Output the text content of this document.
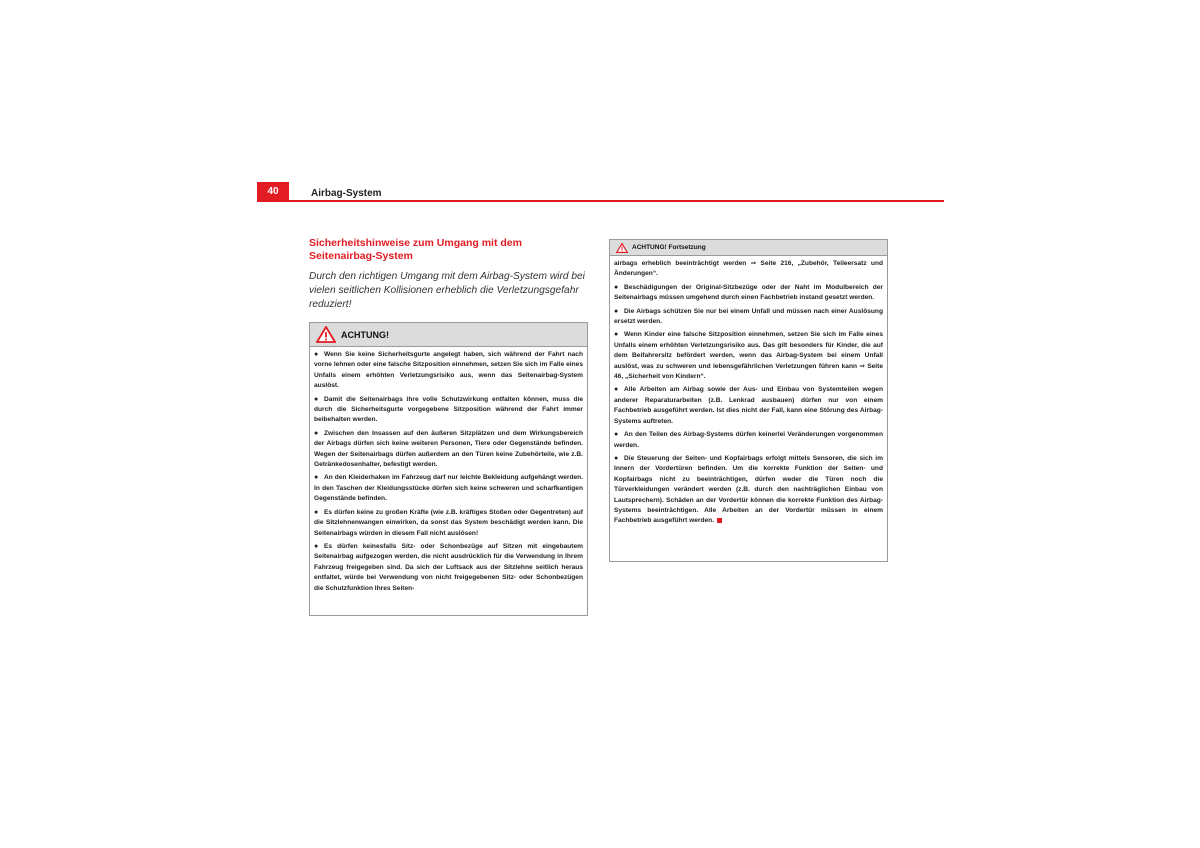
40	Airbag-System
Sicherheitshinweise zum Umgang mit dem Seitenairbag-System
Durch den richtigen Umgang mit dem Airbag-System wird bei vielen seitlichen Kollisionen erheblich die Verletzungsgefahr reduziert!
ACHTUNG!
● Wenn Sie keine Sicherheitsgurte angelegt haben, sich während der Fahrt nach vorne lehnen oder eine falsche Sitzposition einnehmen, setzen Sie sich im Falle eines Unfalls einem erhöhten Verletzungsrisiko aus, wenn das Seitenairbag-System auslöst.
● Damit die Seitenairbags ihre volle Schutzwirkung entfalten können, muss die durch die Sicherheitsgurte vorgegebene Sitzposition während der Fahrt immer beibehalten werden.
● Zwischen den Insassen auf den äußeren Sitzplätzen und dem Wirkungsbereich der Airbags dürfen sich keine weiteren Personen, Tiere oder Gegenstände befinden. Wegen der Seitenairbags dürfen außerdem an den Türen keine Zubehörteile, wie z.B. Getränkedosenhalter, befestigt werden.
● An den Kleiderhaken im Fahrzeug darf nur leichte Bekleidung aufgehängt werden. In den Taschen der Kleidungsstücke dürfen sich keine schweren und scharfkantigen Gegenstände befinden.
● Es dürfen keine zu großen Kräfte (wie z.B. kräftiges Stoßen oder Gegentreten) auf die Sitzlehnenwangen einwirken, da sonst das System beschädigt werden kann. Die Seitenairbags würden in diesem Fall nicht auslösen!
● Es dürfen keinesfalls Sitz- oder Schonbezüge auf Sitzen mit eingebautem Seitenairbag aufgezogen werden, die nicht ausdrücklich für die Verwendung in Ihrem Fahrzeug freigegeben sind. Da sich der Luftsack aus der Sitzlehne seitlich heraus entfaltet, würde bei Verwendung von nicht freigegebenen Sitz- oder Schonbezügen die Schutzfunktion Ihres Seiten-
ACHTUNG! Fortsetzung
airbags erheblich beeinträchtigt werden ⇒ Seite 216, „Zubehör, Teileersatz und Änderungen“.
● Beschädigungen der Original-Sitzbezüge oder der Naht im Modulbereich der Seitenairbags müssen umgehend durch einen Fachbetrieb instand gesetzt werden.
● Die Airbags schützen Sie nur bei einem Unfall und müssen nach einer Auslösung ersetzt werden.
● Wenn Kinder eine falsche Sitzposition einnehmen, setzen Sie sich im Falle eines Unfalls einem erhöhten Verletzungsrisiko aus. Das gilt besonders für Kinder, die auf dem Beifahrersitz befördert werden, wenn das Airbag-System bei einem Unfall auslöst, was zu schweren und lebensgefährlichen Verletzungen führen kann ⇒ Seite 46, „Sicherheit von Kindern“.
● Alle Arbeiten am Airbag sowie der Aus- und Einbau von Systemteilen wegen anderer Reparaturarbeiten (z.B. Lenkrad ausbauen) dürfen nur von einem Fachbetrieb ausgeführt werden. Ist dies nicht der Fall, kann eine Störung des Airbag-Systems auftreten.
● An den Teilen des Airbag-Systems dürfen keinerlei Veränderungen vorgenommen werden.
● Die Steuerung der Seiten- und Kopfairbags erfolgt mittels Sensoren, die sich im Innern der Vordertüren befinden. Um die korrekte Funktion der Seiten- und Kopfairbags nicht zu beeinträchtigen, dürfen weder die Türen noch die Türverkleidungen verändert werden (z.B. durch den nachträglichen Einbau von Lautsprechern). Schäden an der Vordertür können die korrekte Funktion des Airbag-Systems beeinträchtigen. Alle Arbeiten an der Vordertür müssen in einem Fachbetrieb ausgeführt werden.
